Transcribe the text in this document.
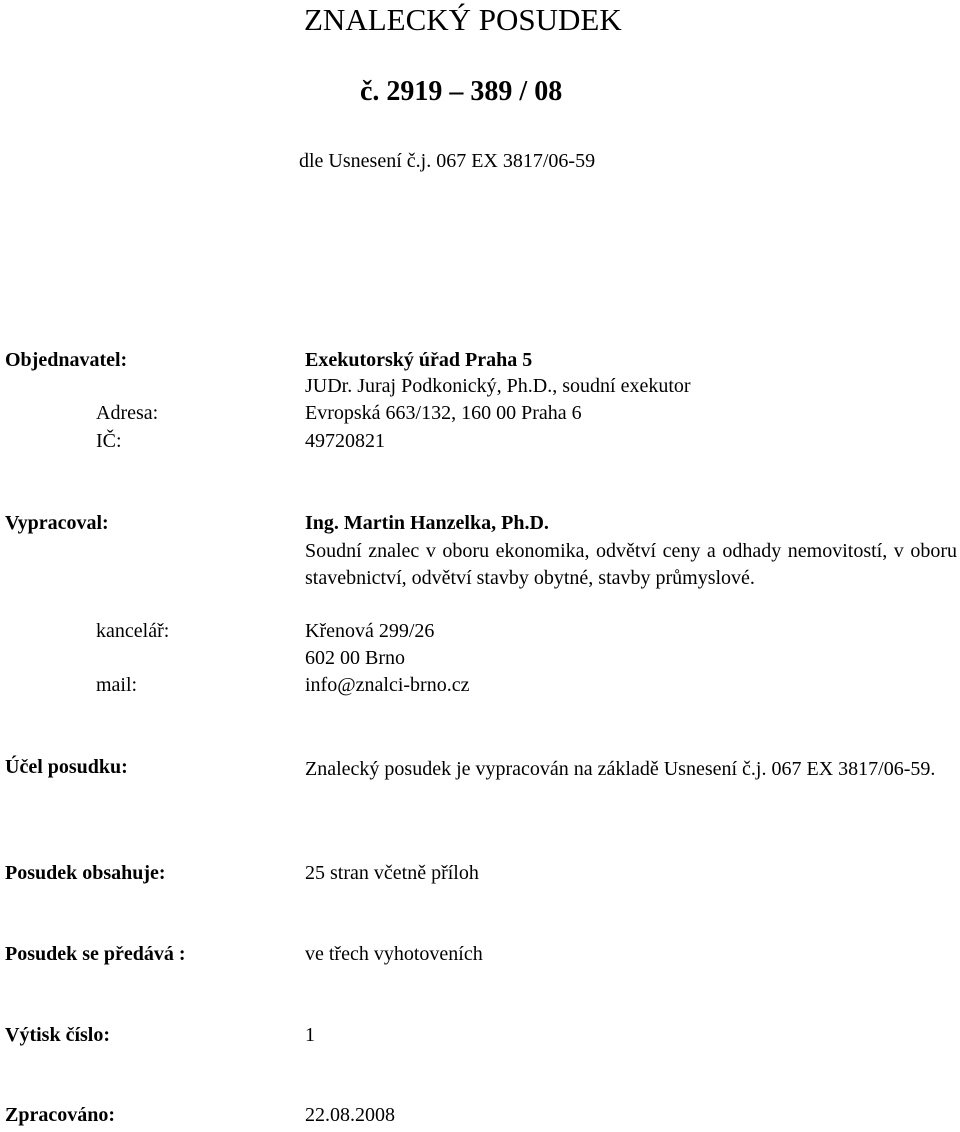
ZNALECKÝ POSUDEK
č. 2919 – 389 / 08
dle Usnesení č.j. 067 EX 3817/06-59
Objednavatel:	Exekutorský úřad Praha 5
JUDr. Juraj Podkonický, Ph.D., soudní exekutor
Adresa:	Evropská 663/132, 160 00 Praha 6
IČ:	49720821
Vypracoval:	Ing. Martin Hanzelka, Ph.D.
Soudní znalec v oboru ekonomika, odvětví ceny a odhady nemovitostí, v oboru stavebnictví, odvětví stavby obytné, stavby průmyslové.
kancelář:	Křenová 299/26
602 00 Brno
mail:	info@znalci-brno.cz
Účel posudku:	Znalecký posudek je vypracován na základě Usnesení č.j. 067 EX 3817/06-59.
Posudek obsahuje:	25 stran včetně příloh
Posudek se předává :	ve třech vyhotoveních
Výtisk číslo:	1
Zpracováno:	22.08.2008
